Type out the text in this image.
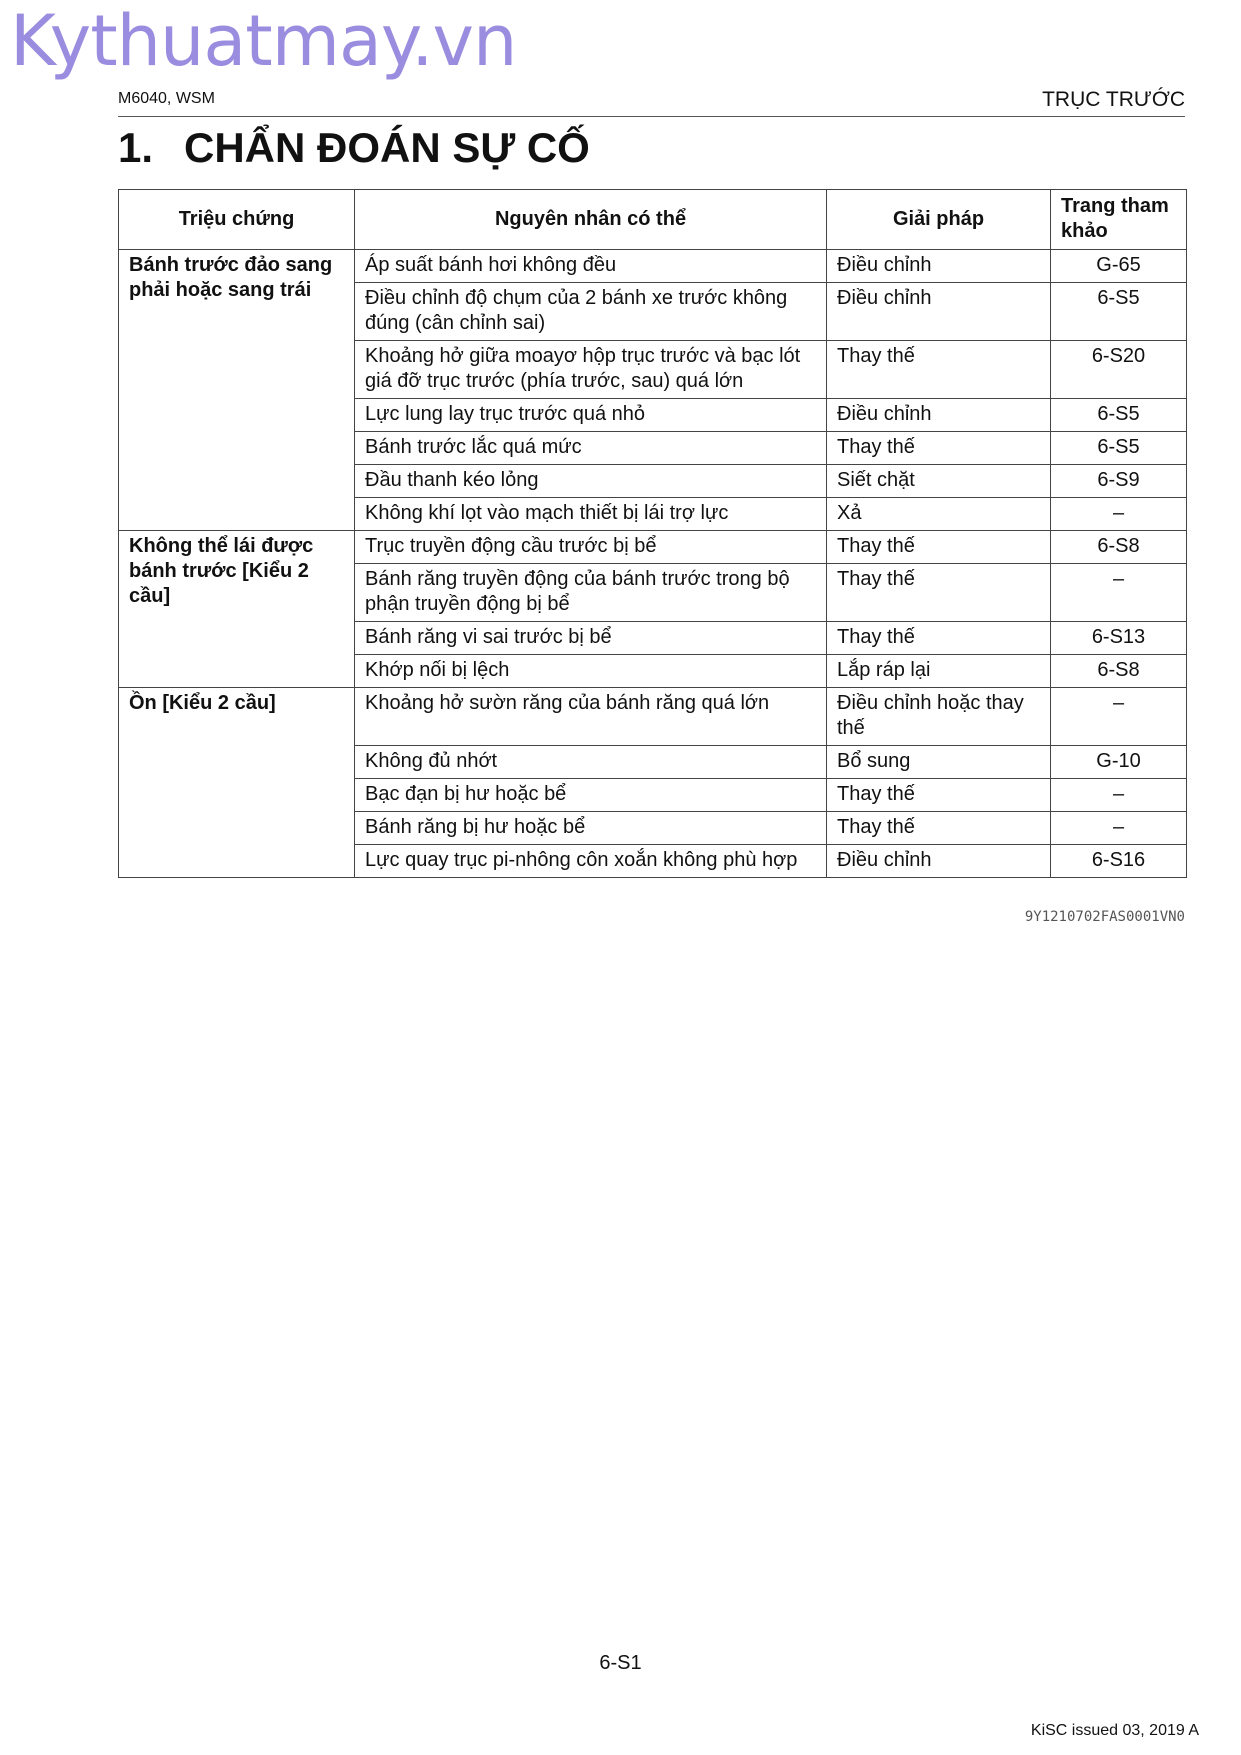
Kythuatmay.vn
M6040, WSM	TRỤC TRƯỚC
1. CHẨN ĐOÁN SỰ CỐ
Triệu chứng	Nguyên nhân có thể	Giải pháp	Trang tham khảo
Bánh trước đảo sang phải hoặc sang trái	Áp suất bánh hơi không đều	Điều chỉnh	G-65
	Điều chỉnh độ chụm của 2 bánh xe trước không đúng (cân chỉnh sai)	Điều chỉnh	6-S5
	Khoảng hở giữa moayơ hộp trục trước và bạc lót giá đỡ trục trước (phía trước, sau) quá lớn	Thay thế	6-S20
	Lực lung lay trục trước quá nhỏ	Điều chỉnh	6-S5
	Bánh trước lắc quá mức	Thay thế	6-S5
	Đầu thanh kéo lỏng	Siết chặt	6-S9
	Không khí lọt vào mạch thiết bị lái trợ lực	Xả	–
Không thể lái được bánh trước [Kiểu 2 cầu]	Trục truyền động cầu trước bị bể	Thay thế	6-S8
	Bánh răng truyền động của bánh trước trong bộ phận truyền động bị bể	Thay thế	–
	Bánh răng vi sai trước bị bể	Thay thế	6-S13
	Khớp nối bị lệch	Lắp ráp lại	6-S8
Ồn [Kiểu 2 cầu]	Khoảng hở sườn răng của bánh răng quá lớn	Điều chỉnh hoặc thay thế	–
	Không đủ nhớt	Bổ sung	G-10
	Bạc đạn bị hư hoặc bể	Thay thế	–
	Bánh răng bị hư hoặc bể	Thay thế	–
	Lực quay trục pi-nhông côn xoắn không phù hợp	Điều chỉnh	6-S16
9Y1210702FAS0001VN0
6-S1
KiSC issued 03, 2019 A
